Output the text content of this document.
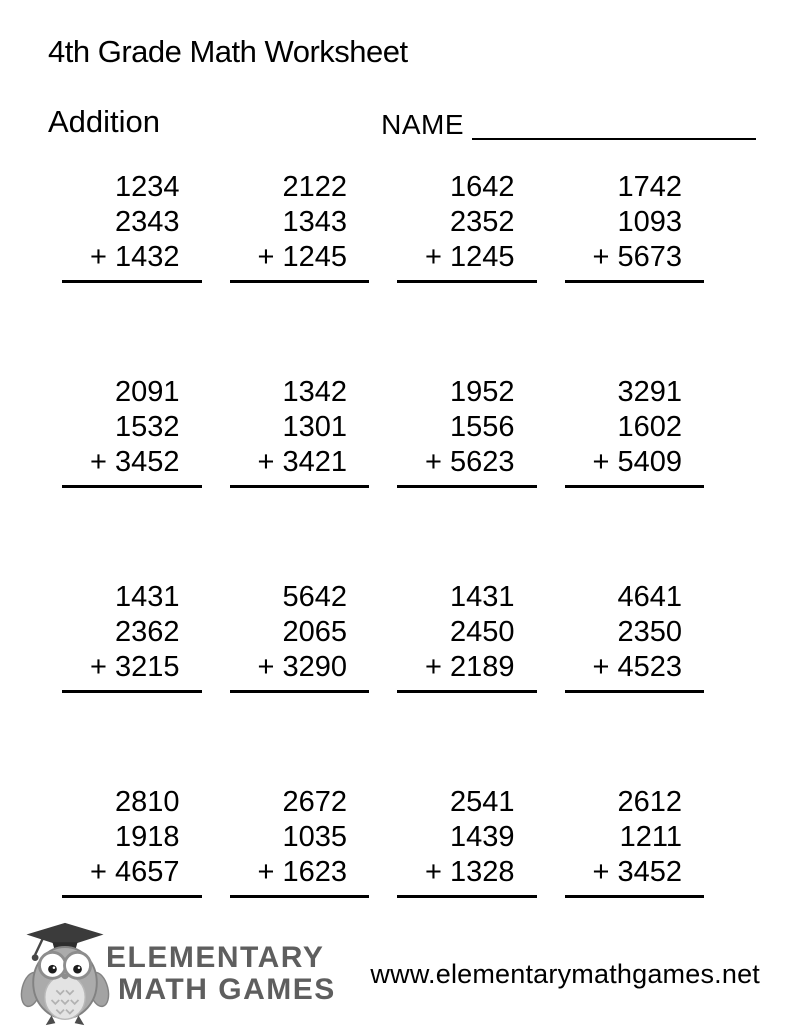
4th Grade Math Worksheet
Addition	NAME
1234
2343
+ 1432
2122
1343
+ 1245
1642
2352
+ 1245
1742
1093
+ 5673
2091
1532
+ 3452
1342
1301
+ 3421
1952
1556
+ 5623
3291
1602
+ 5409
1431
2362
+ 3215
5642
2065
+ 3290
1431
2450
+ 2189
4641
2350
+ 4523
2810
1918
+ 4657
2672
1035
+ 1623
2541
1439
+ 1328
2612
1211
+ 3452
ELEMENTARY
MATH GAMES www.elementarymathgames.net
